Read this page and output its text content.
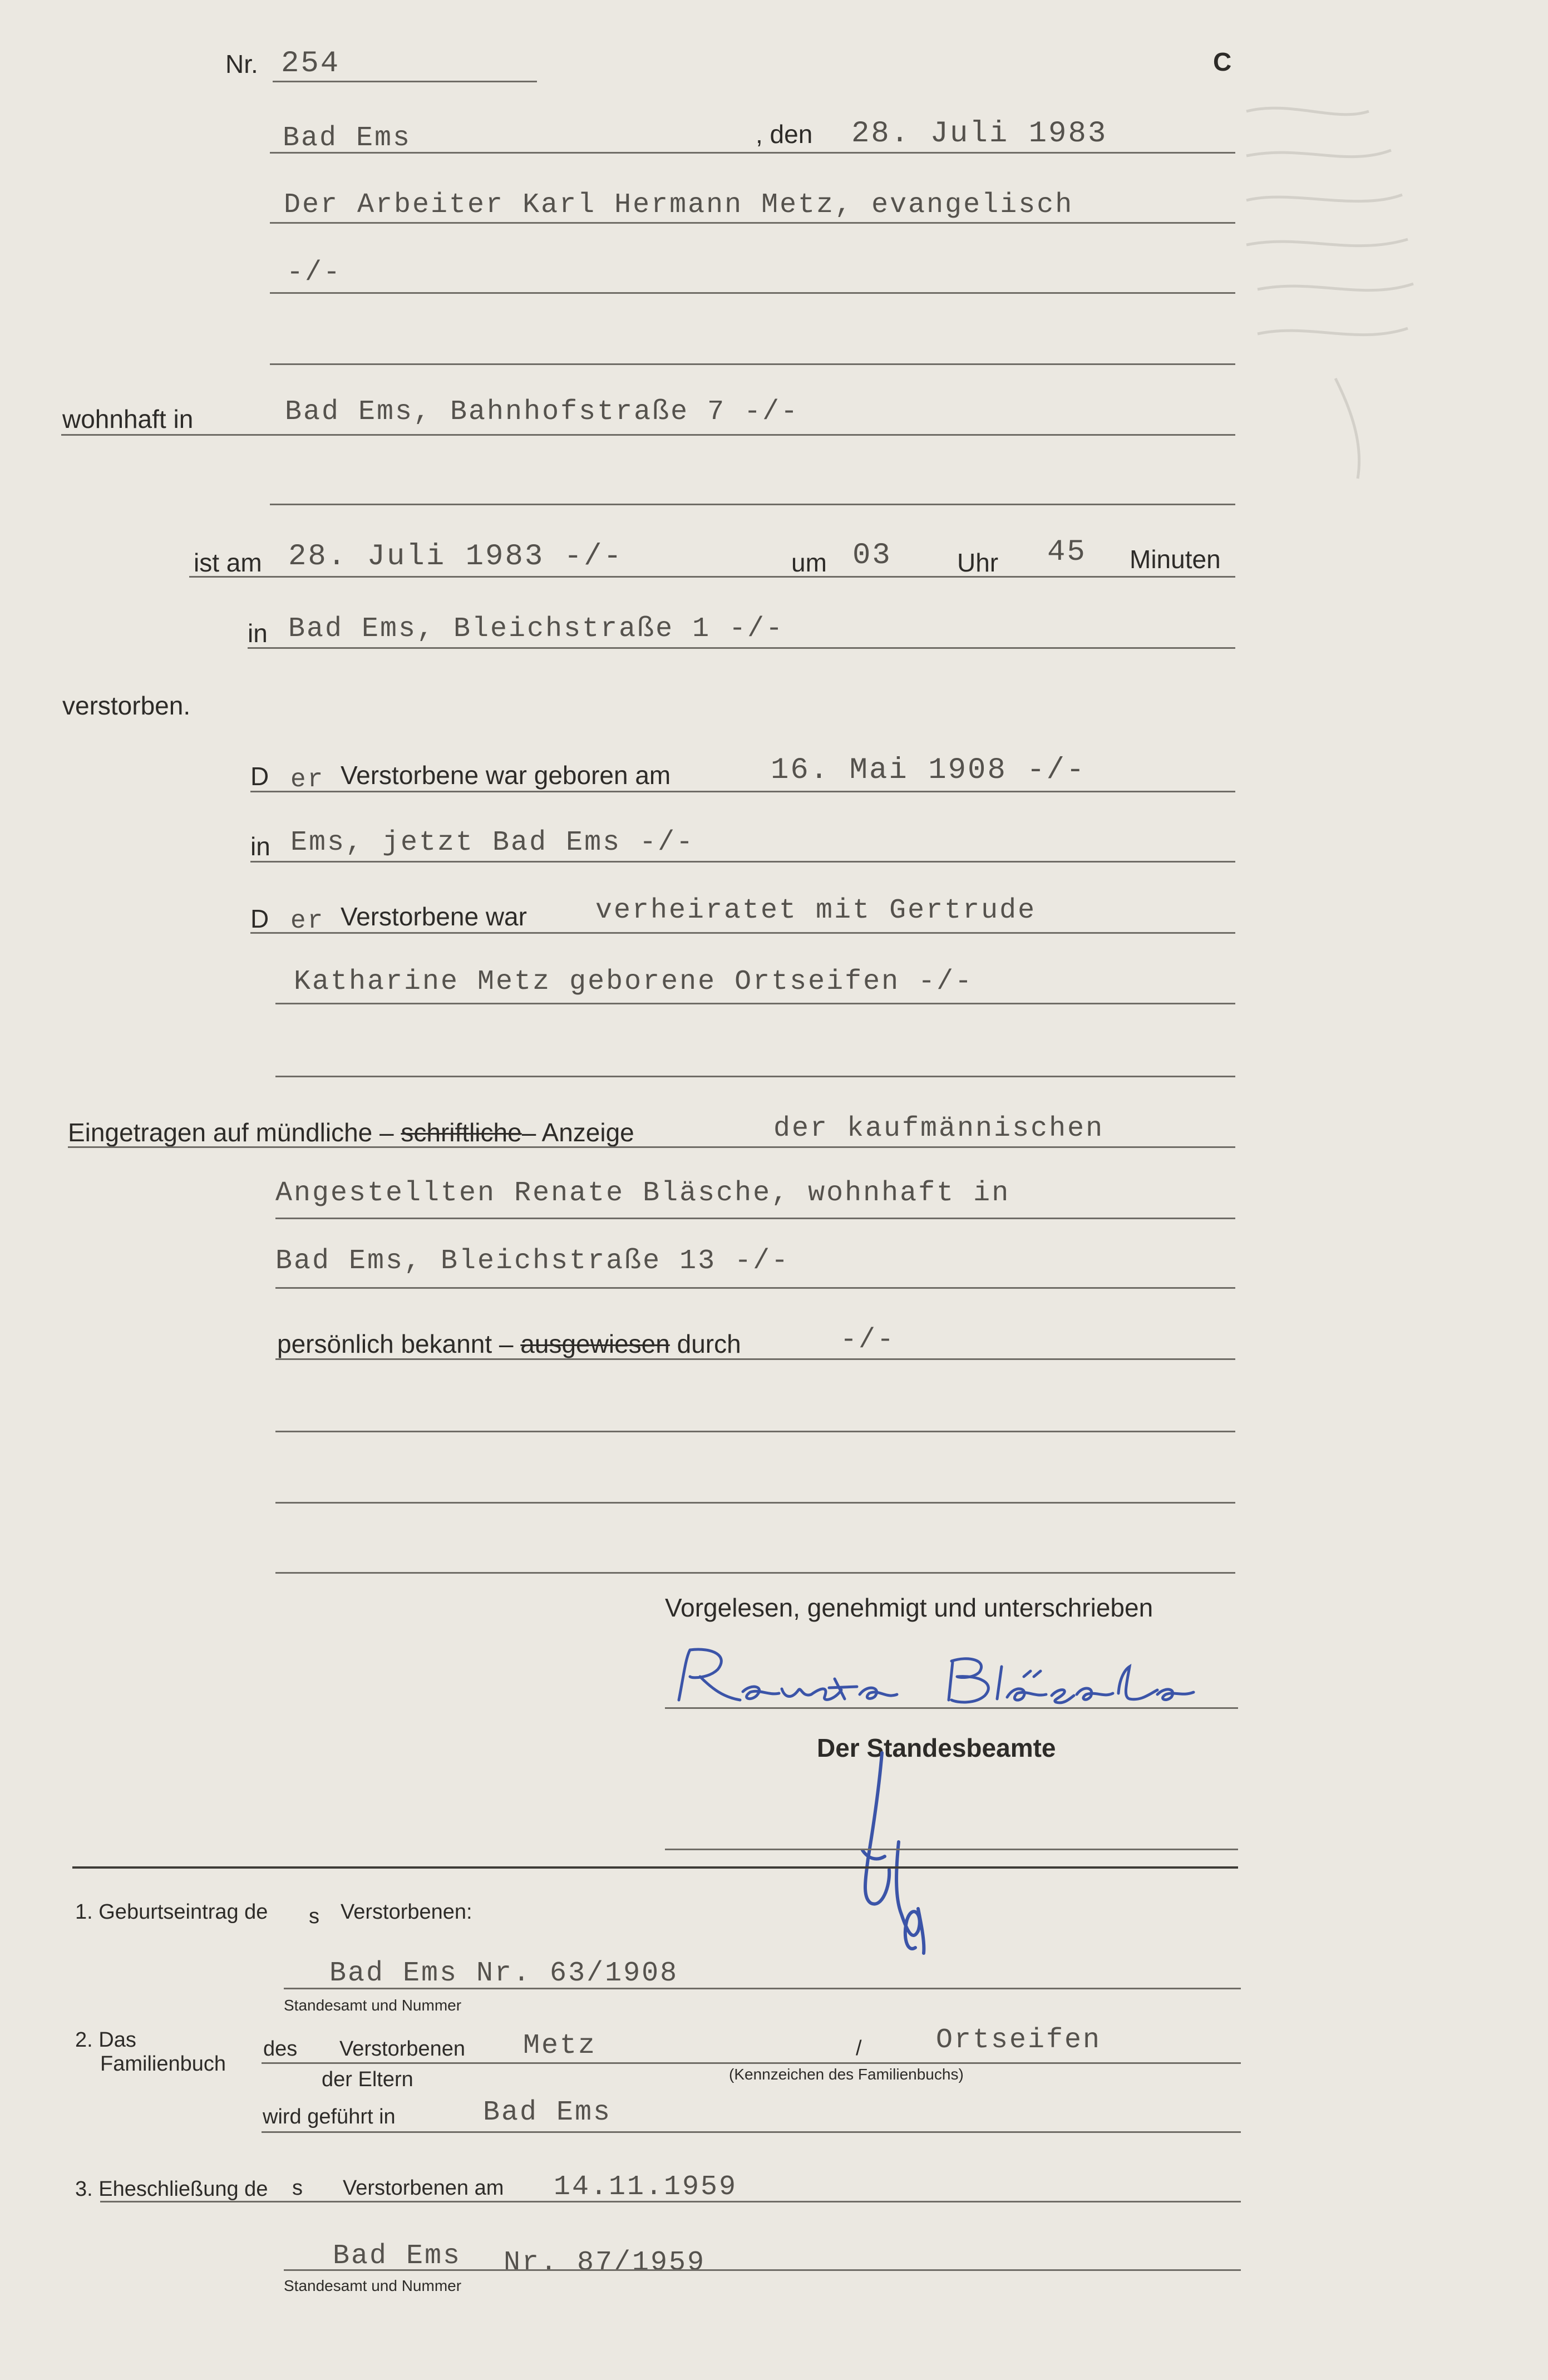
Nr. 254	C
Bad Ems	, den 28. Juli 1983
Der Arbeiter Karl Hermann Metz, evangelisch
-/-
wohnhaft in	Bad Ems, Bahnhofstraße 7 -/-
ist am 28. Juli 1983 -/-	um 03	Uhr 45 Minuten
in Bad Ems, Bleichstraße 1 -/-
verstorben.
D er Verstorbene war geboren am	16. Mai 1908 -/-
in Ems, jetzt Bad Ems -/-
D er Verstorbene war verheiratet mit Gertrude
Katharine Metz geborene Ortseifen -/-
Eingetragen auf mündliche – schriftliche– Anzeige	der kaufmännischen
Angestellten Renate Bläsche, wohnhaft in
Bad Ems, Bleichstraße 13 -/-
persönlich bekannt – ausgewiesen durch	-/-
Vorgelesen, genehmigt und unterschrieben
Der Standesbeamte
1. Geburtseintrag de s Verstorbenen:
Bad Ems Nr. 63/1908
Standesamt und Nummer
2. Das
Familienbuch
des Verstorbenen
der Eltern
Metz	/	Ortseifen
(Kennzeichen des Familienbuchs)
wird geführt in	Bad Ems
3. Eheschließung de s Verstorbenen am 14.11.1959
Bad Ems Nr. 87/1959
Standesamt und Nummer
